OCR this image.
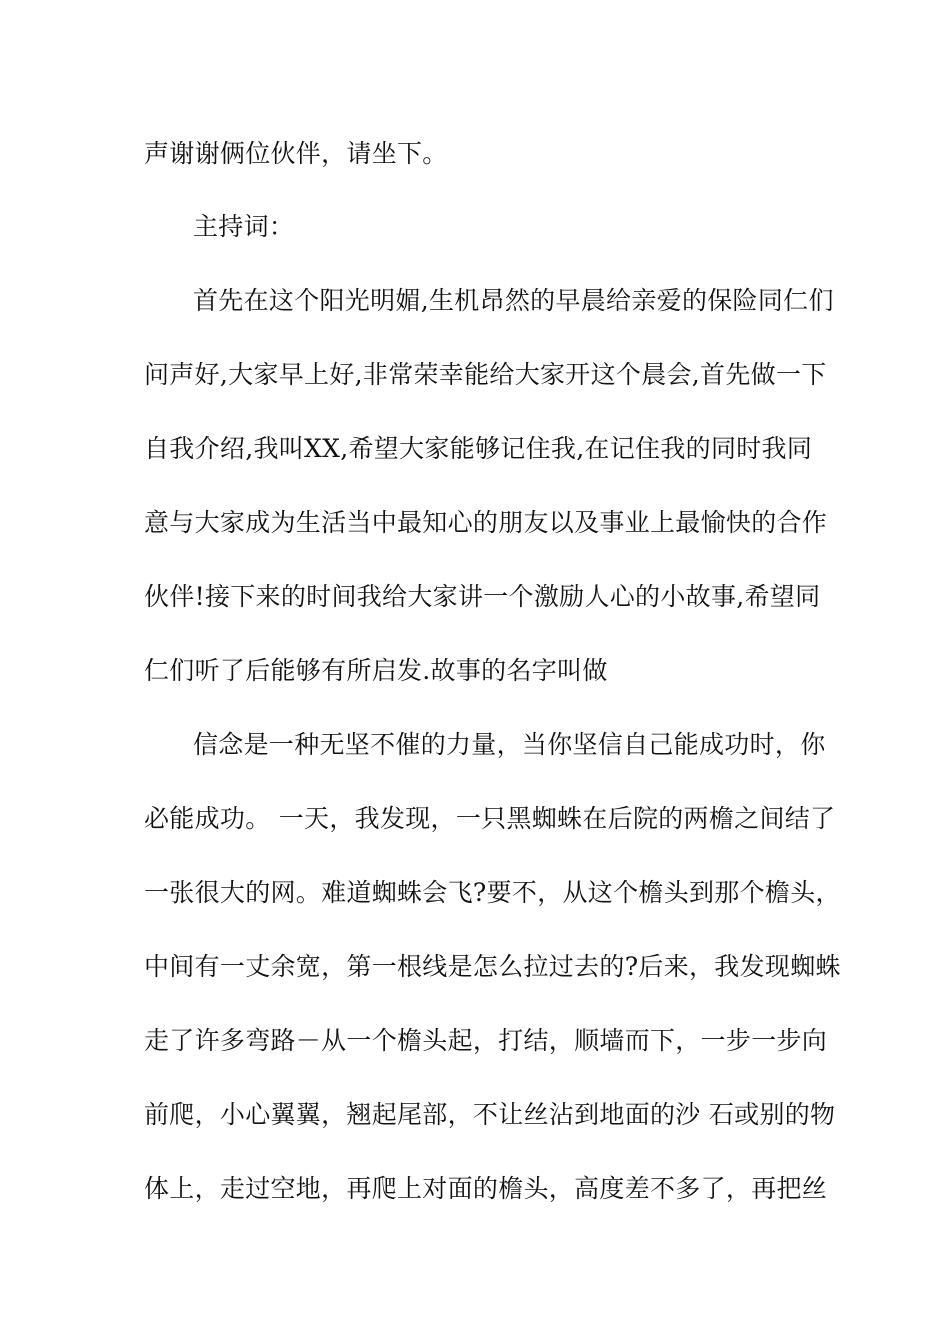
声谢谢俩位伙伴，请坐下。
主持词：
首先在这个阳光明媚,生机昂然的早晨给亲爱的保险同仁们
问声好,大家早上好,非常荣幸能给大家开这个晨会,首先做一下
自我介绍,我叫XX,希望大家能够记住我,在记住我的同时我同
意与大家成为生活当中最知心的朋友以及事业上最愉快的合作
伙伴!接下来的时间我给大家讲一个激励人心的小故事,希望同
仁们听了后能够有所启发.故事的名字叫做
信念是一种无坚不催的力量，当你坚信自己能成功时，你
必能成功。 一天，我发现，一只黑蜘蛛在后院的两檐之间结了
一张很大的网。难道蜘蛛会飞?要不，从这个檐头到那个檐头，
中间有一丈余宽，第一根线是怎么拉过去的?后来，我发现蜘蛛
走了许多弯路－从一个檐头起，打结，顺墙而下，一步一步向
前爬，小心翼翼，翘起尾部，不让丝沾到地面的沙 石或别的物
体上，走过空地，再爬上对面的檐头，高度差不多了，再把丝
